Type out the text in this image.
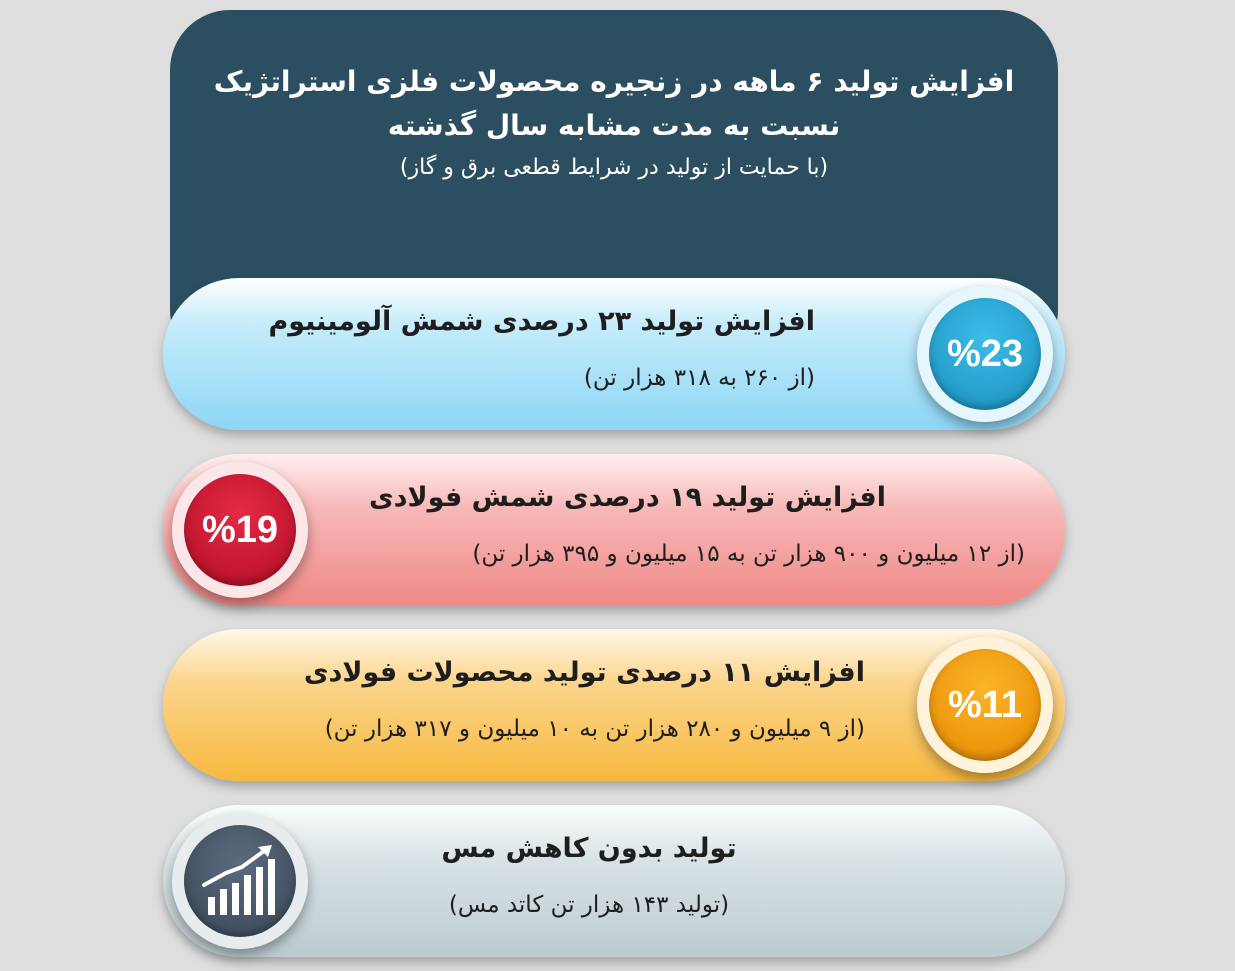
افزایش تولید ۶ ماهه در زنجیره محصولات فلزی استراتژیک
نسبت به مدت مشابه سال گذشته
(با حمایت از تولید در شرایط قطعی برق و گاز)
افزایش تولید ۲۳ درصدی شمش آلومینیوم
(از ۲۶۰ به ۳۱۸ هزار تن)
%23
افزایش تولید ۱۹ درصدی شمش فولادی
(از ۱۲ میلیون و ۹۰۰ هزار تن به ۱۵ میلیون و ۳۹۵ هزار تن)
%19
افزایش ۱۱ درصدی تولید محصولات فولادی
(از ۹ میلیون و ۲۸۰ هزار تن به ۱۰ میلیون و ۳۱۷ هزار تن)
%11
تولید بدون کاهش مس
(تولید ۱۴۳ هزار تن کاتد مس)
